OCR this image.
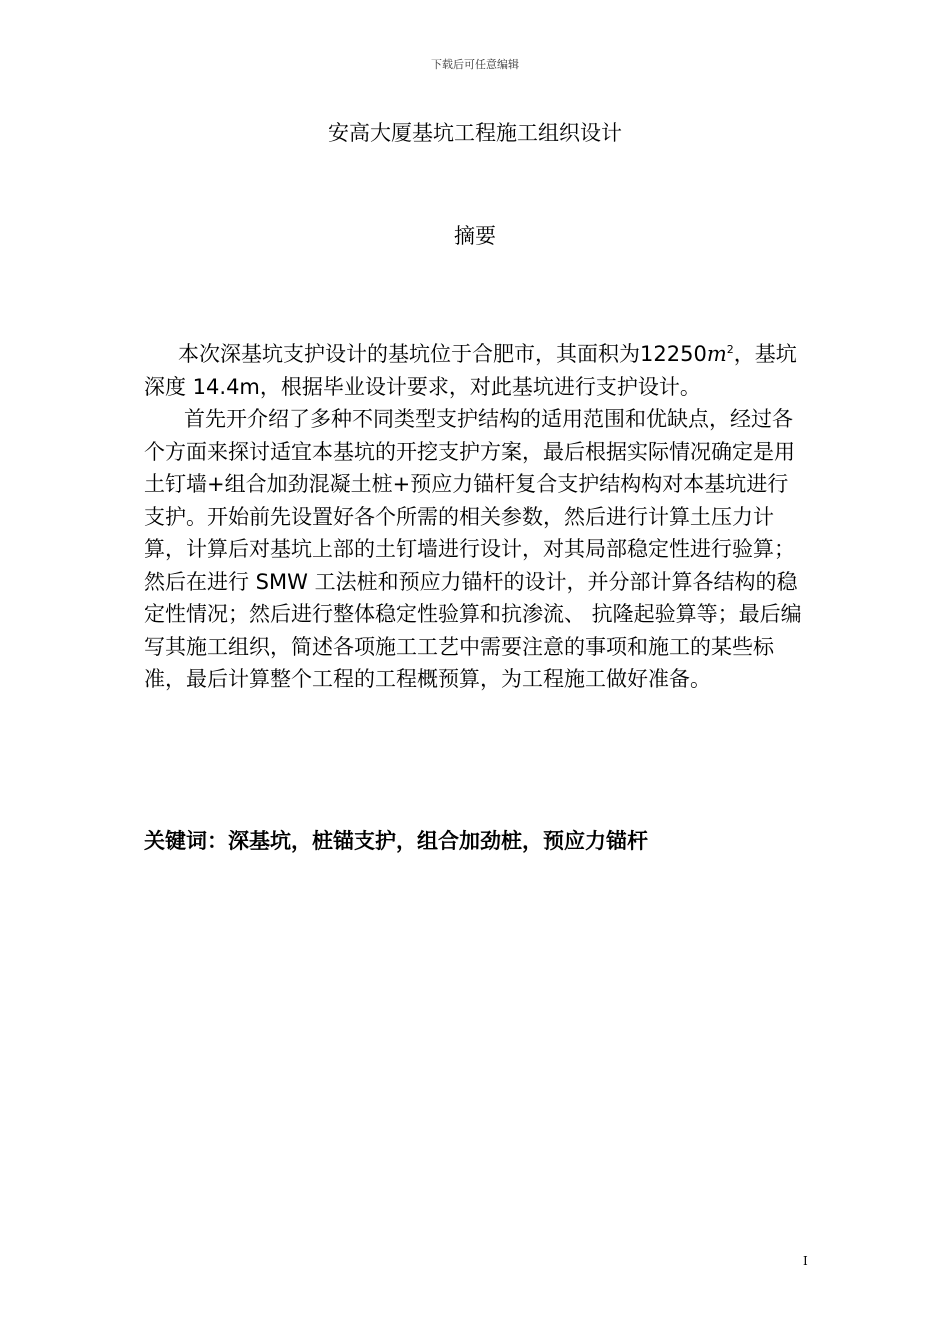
下载后可任意编辑
安高大厦基坑工程施工组织设计
摘要

本次深基坑支护设计的基坑位于合肥市，其面积为$12250m^2$，基坑深度 14.4m，根据毕业设计要求，对此基坑进行支护设计。

首先开介绍了多种不同类型支护结构的适用范围和优缺点，经过各个方面来探讨适宜本基坑的开挖支护方案，最后根据实际情况确定是用土钉墙+组合加劲混凝土桩+预应力锚杆复合支护结构构对本基坑进行支护。开始前先设置好各个所需的相关参数，然后进行计算土压力计算，计算后对基坑上部的土钉墙进行设计，对其局部稳定性进行验算；然后在进行 SMW 工法桩和预应力锚杆的设计，并分部计算各结构的稳定性情况；然后进行整体稳定性验算和抗渗流、 抗隆起验算等；最后编写其施工组织，简述各项施工工艺中需要注意的事项和施工的某些标准，最后计算整个工程的工程概预算，为工程施工做好准备。

关键词：深基坑，桩锚支护，组合加劲桩，预应力锚杆
I
